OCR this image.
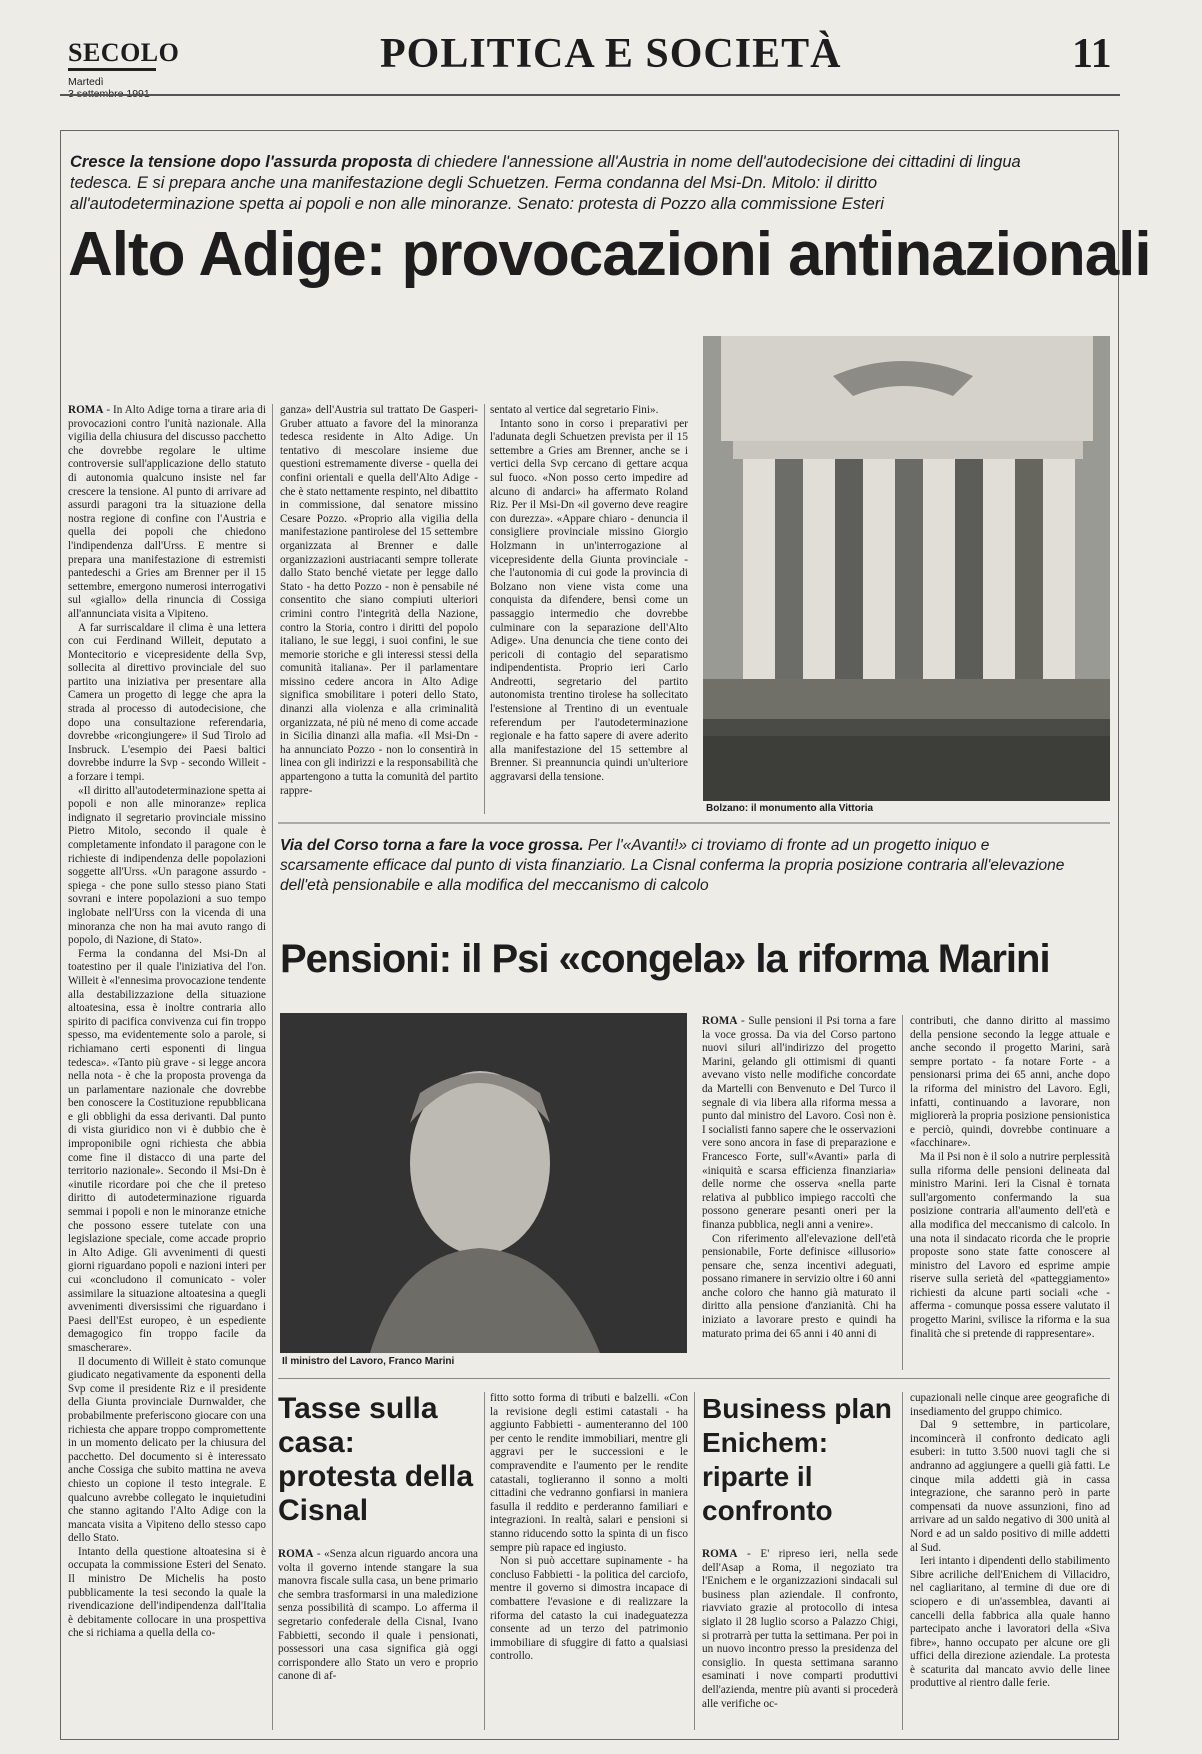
SECOLO
Martedì
POLITICA E SOCIETÀ	11
Cresce la tensione dopo l'assurda proposta di chiedere l'annessione all'Austria in nome dell'autodecisione dei cittadini di lingua tedesca. E si prepara anche una manifestazione degli Schuetzen. Ferma condanna del Msi-Dn. Mitolo: il diritto all'autodeterminazione spetta ai popoli e non alle minoranze. Senato: protesta di Pozzo alla commissione Esteri
Alto Adige: provocazioni antinazionali

ROMA - In Alto Adige torna a tirare aria di provocazioni contro l'unità nazionale. Alla vigilia della chiusura del discusso pacchetto che dovrebbe regolare le ultime controversie sull'applicazione dello statuto di autonomia qualcuno insiste nel far crescere la tensione. Al punto di arrivare ad assurdi paragoni tra la situazione della nostra regione di confine con l'Austria e quella dei popoli che chiedono l'indipendenza dall'Urss. E mentre si prepara una manifestazione di estremisti pantedeschi a Gries am Brenner per il 15 settembre, emergono numerosi interrogativi sul «giallo» della rinuncia di Cossiga all'annunciata visita a Vipiteno.

A far surriscaldare il clima è una lettera con cui Ferdinand Willeit, deputato a Montecitorio e vicepresidente della Svp, sollecita al direttivo provinciale del suo partito una iniziativa per presentare alla Camera un progetto di legge che apra la strada al processo di autodecisione, che dopo una consultazione referendaria, dovrebbe «ricongiungere» il Sud Tirolo ad Insbruck. L'esempio dei Paesi baltici dovrebbe indurre la Svp - secondo Willeit - a forzare i tempi.

«Il diritto all'autodeterminazione spetta ai popoli e non alle minoranze» replica indignato il segretario provinciale missino Pietro Mitolo, secondo il quale è completamente infondato il paragone con le richieste di indipendenza delle popolazioni soggette all'Urss. «Un paragone assurdo - spiega - che pone sullo stesso piano Stati sovrani e intere popolazioni a suo tempo inglobate nell'Urss con la vicenda di una minoranza che non ha mai avuto rango di popolo, di Nazione, di Stato».

Ferma la condanna del Msi-Dn al toatestino per il quale l'iniziativa del l'on. Willeit è «l'ennesima provocazione tendente alla destabilizzazione della situazione altoatesina, essa è inoltre contraria allo spirito di pacifica convivenza cui fin troppo spesso, ma evidentemente solo a parole, si richiamano certi esponenti di lingua tedesca». «Tanto più grave - si legge ancora nella nota - è che la proposta provenga da un parlamentare nazionale che dovrebbe ben conoscere la Costituzione repubblicana e gli obblighi da essa derivanti. Dal punto di vista giuridico non vi è dubbio che è improponibile ogni richiesta che abbia come fine il distacco di una parte del territorio nazionale». Secondo il Msi-Dn è «inutile ricordare poi che che il preteso diritto di autodeterminazione riguarda semmai i popoli e non le minoranze etniche che possono essere tutelate con una legislazione speciale, come accade proprio in Alto Adige. Gli avvenimenti di questi giorni riguardano popoli e nazioni interi per cui «concludono il comunicato - voler assimilare la situazione altoatesina a quegli avvenimenti diversissimi che riguardano i Paesi dell'Est europeo, è un espediente demagogico fin troppo facile da smascherare».

Il documento di Willeit è stato comunque giudicato negativamente da esponenti della Svp come il presidente Riz e il presidente della Giunta provinciale Durnwalder, che probabilmente preferiscono giocare con una richiesta che appare troppo compromettente in un momento delicato per la chiusura del pacchetto. Del documento si è interessato anche Cossiga che subito mattina ne aveva chiesto un copione il testo integrale. E qualcuno avrebbe collegato le inquietudini che stanno agitando l'Alto Adige con la mancata visita a Vipiteno dello stesso capo dello Stato.

Intanto della questione altoatesina si è occupata la commissione Esteri del Senato. Il ministro De Michelis ha posto pubblicamente la tesi secondo la quale la rivendicazione dell'indipendenza dall'Italia è debitamente collocare in una prospettiva che si richiama a quella della co-

ganza» dell'Austria sul trattato De Gasperi-Gruber attuato a favore del la minoranza tedesca residente in Alto Adige. Un tentativo di mescolare insieme due questioni estremamente diverse - quella dei confini orientali e quella dell'Alto Adige - che è stato nettamente respinto, nel dibattito in commissione, dal senatore missino Cesare Pozzo. «Proprio alla vigilia della manifestazione pantirolese del 15 settembre organizzata al Brenner e dalle organizzazioni austriacanti sempre tollerate dallo Stato benché vietate per legge dallo Stato - ha detto Pozzo - non è pensabile né consentito che siano compiuti ulteriori crimini contro l'integrità della Nazione, contro la Storia, contro i diritti del popolo italiano, le sue leggi, i suoi confini, le sue memorie storiche e gli interessi stessi della comunità italiana». Per il parlamentare missino cedere ancora in Alto Adige significa smobilitare i poteri dello Stato, dinanzi alla violenza e alla criminalità organizzata, né più né meno di come accade in Sicilia dinanzi alla mafia. «Il Msi-Dn - ha annunciato Pozzo - non lo consentirà in linea con gli indirizzi e la responsabilità che appartengono a tutta la comunità del partito rappre-

sentato al vertice dal segretario Fini».

Intanto sono in corso i preparativi per l'adunata degli Schuetzen prevista per il 15 settembre a Gries am Brenner, anche se i vertici della Svp cercano di gettare acqua sul fuoco. «Non posso certo impedire ad alcuno di andarci» ha affermato Roland Riz. Per il Msi-Dn «il governo deve reagire con durezza». «Appare chiaro - denuncia il consigliere provinciale missino Giorgio Holzmann in un'interrogazione al vicepresidente della Giunta provinciale - che l'autonomia di cui gode la provincia di Bolzano non viene vista come una conquista da difendere, bensì come un passaggio intermedio che dovrebbe culminare con la separazione dell'Alto Adige». Una denuncia che tiene conto dei pericoli di contagio del separatismo indipendentista. Proprio ieri Carlo Andreotti, segretario del partito autonomista trentino tirolese ha sollecitato l'estensione al Trentino di un eventuale referendum per l'autodeterminazione regionale e ha fatto sapere di avere aderito alla manifestazione del 15 settembre al Brenner. Si preannuncia quindi un'ulteriore aggravarsi della tensione.

Bolzano: il monumento alla Vittoria
Via del Corso torna a fare la voce grossa. Per l'«Avanti!» ci troviamo di fronte ad un progetto iniquo e scarsamente efficace dal punto di vista finanziario. La Cisnal conferma la propria posizione contraria all'elevazione dell'età pensionabile e alla modifica del meccanismo di calcolo
Pensioni: il Psi «congela» la riforma Marini
Il ministro del Lavoro, Franco Marini

ROMA - Sulle pensioni il Psi torna a fare la voce grossa. Da via del Corso partono nuovi siluri all'indirizzo del progetto Marini, gelando gli ottimismi di quanti avevano visto nelle modifiche concordate da Martelli con Benvenuto e Del Turco il segnale di via libera alla riforma messa a punto dal ministro del Lavoro. Così non è. I socialisti fanno sapere che le osservazioni vere sono ancora in fase di preparazione e Francesco Forte, sull'«Avanti» parla di «iniquità e scarsa efficienza finanziaria» delle norme che osserva «nella parte relativa al pubblico impiego raccoltì che possono generare pesanti oneri per la finanza pubblica, negli anni a venire».

Con riferimento all'elevazione dell'età pensionabile, Forte definisce «illusorio» pensare che, senza incentivi adeguati, possano rimanere in servizio oltre i 60 anni anche coloro che hanno già maturato il diritto alla pensione d'anzianità. Chi ha iniziato a lavorare presto e quindi ha maturato prima dei 65 anni i 40 anni di

contributi, che danno diritto al massimo della pensione secondo la legge attuale e anche secondo il progetto Marini, sarà sempre portato - fa notare Forte - a pensionarsi prima dei 65 anni, anche dopo la riforma del ministro del Lavoro. Egli, infatti, continuando a lavorare, non migliorerà la propria posizione pensionistica e perciò, quindi, dovrebbe continuare a «facchinare».

Ma il Psi non è il solo a nutrire perplessità sulla riforma delle pensioni delineata dal ministro Marini. Ieri la Cisnal è tornata sull'argomento confermando la sua posizione contraria all'aumento dell'età e alla modifica del meccanismo di calcolo. In una nota il sindacato ricorda che le proprie proposte sono state fatte conoscere al ministro del Lavoro ed esprime ampie riserve sulla serietà del «patteggiamento» richiesti da alcune parti sociali «che - afferma - comunque possa essere valutato il progetto Marini, svilisce la riforma e la sua finalità che si pretende di rappresentare».

Tasse sulla casa: protesta della Cisnal

ROMA - «Senza alcun riguardo ancora una volta il governo intende stangare la sua manovra fiscale sulla casa, un bene primario che sembra trasformarsi in una maledizione senza possibilità di scampo. Lo afferma il segretario confederale della Cisnal, Ivano Fabbietti, secondo il quale i pensionati, possessori una casa significa già oggi corrispondere allo Stato un vero e proprio canone di af-

fitto sotto forma di tributi e balzelli. «Con la revisione degli estimi catastali - ha aggiunto Fabbietti - aumenteranno del 100 per cento le rendite immobiliari, mentre gli aggravi per le successioni e le compravendite e l'aumento per le rendite catastali, toglieranno il sonno a molti cittadini che vedranno gonfiarsi in maniera fasulla il reddito e perderanno familiari e integrazioni. In realtà, salari e pensioni si stanno riducendo sotto la spinta di un fisco sempre più rapace ed ingiusto.

Non si può accettare supinamente - ha concluso Fabbietti - la politica del carciofo, mentre il governo si dimostra incapace di combattere l'evasione e di realizzare la riforma del catasto la cui inadeguatezza consente ad un terzo del patrimonio immobiliare di sfuggire di fatto a qualsiasi controllo.

Business plan Enichem: riparte il confronto

ROMA - E' ripreso ieri, nella sede dell'Asap a Roma, il negoziato tra l'Enichem e le organizzazioni sindacali sul business plan aziendale. Il confronto, riavviato grazie al protocollo di intesa siglato il 28 luglio scorso a Palazzo Chigi, si protrarrà per tutta la settimana. Per poi in un nuovo incontro presso la presidenza del consiglio. In questa settimana saranno esaminati i nove comparti produttivi dell'azienda, mentre più avanti si procederà alle verifiche oc-

cupazionali nelle cinque aree geografiche di insediamento del gruppo chimico.

Dal 9 settembre, in particolare, incomincerà il confronto dedicato agli esuberi: in tutto 3.500 nuovi tagli che si andranno ad aggiungere a quelli già fatti. Le cinque mila addetti già in cassa integrazione, che saranno però in parte compensati da nuove assunzioni, fino ad arrivare ad un saldo negativo di 300 unità al Nord e ad un saldo positivo di mille addetti al Sud.

Ieri intanto i dipendenti dello stabilimento Sibre acriliche dell'Enichem di Villacidro, nel cagliaritano, al termine di due ore di sciopero e di un'assemblea, davanti ai cancelli della fabbrica alla quale hanno partecipato anche i lavoratori della «Siva fibre», hanno occupato per alcune ore gli uffici della direzione aziendale. La protesta è scaturita dal mancato avvio delle linee produttive al rientro dalle ferie.
